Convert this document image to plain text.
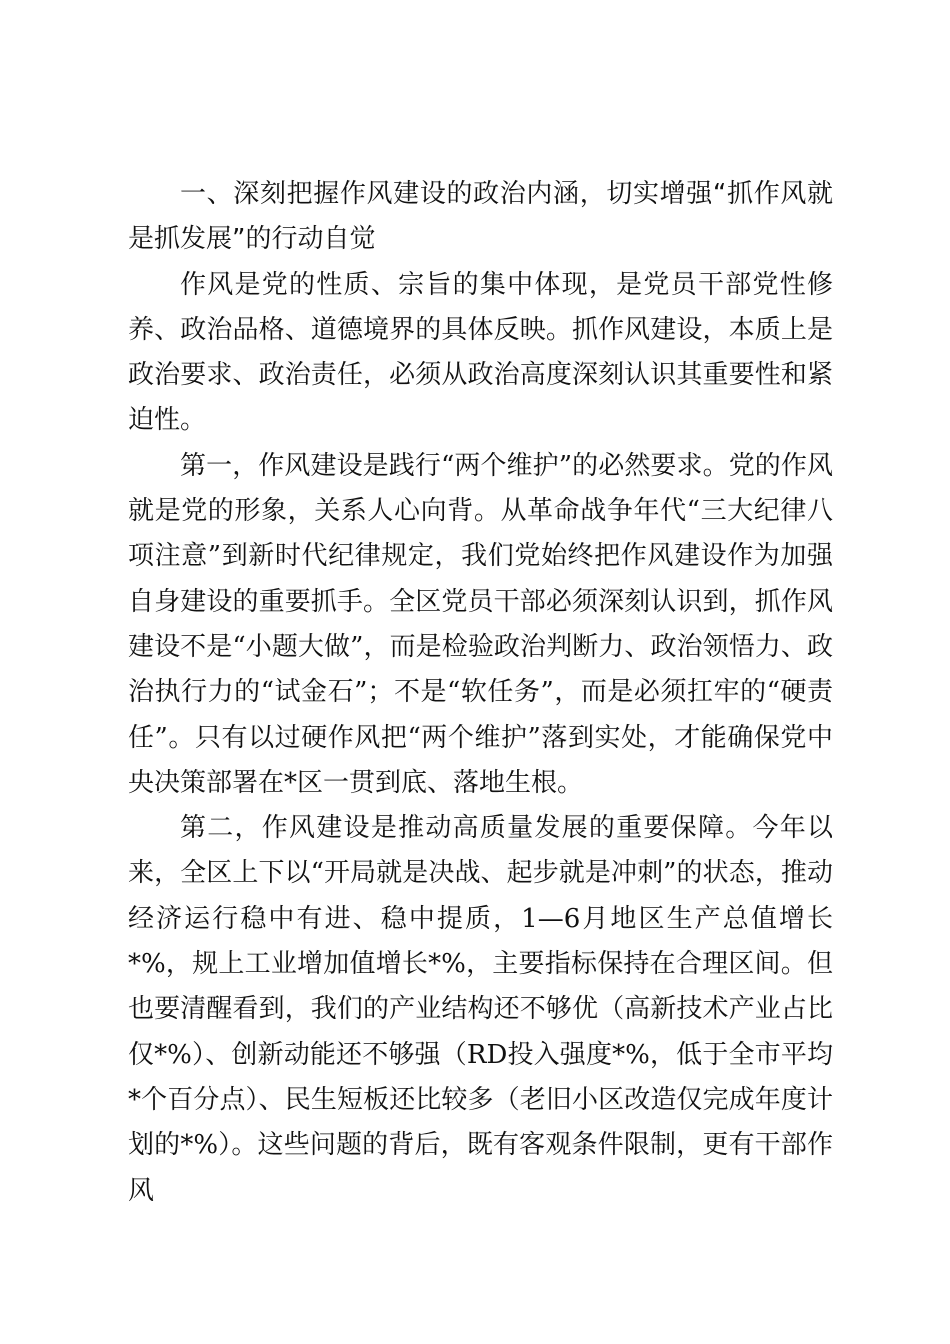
一、深刻把握作风建设的政治内涵，切实增强“抓作风就是抓发展”的行动自觉

作风是党的性质、宗旨的集中体现，是党员干部党性修养、政治品格、道德境界的具体反映。抓作风建设，本质上是政治要求、政治责任，必须从政治高度深刻认识其重要性和紧迫性。

第一，作风建设是践行“两个维护”的必然要求。党的作风就是党的形象，关系人心向背。从革命战争年代“三大纪律八项注意”到新时代纪律规定，我们党始终把作风建设作为加强自身建设的重要抓手。全区党员干部必须深刻认识到，抓作风建设不是“小题大做”，而是检验政治判断力、政治领悟力、政治执行力的“试金石”；不是“软任务”，而是必须扛牢的“硬责任”。只有以过硬作风把“两个维护”落到实处，才能确保党中央决策部署在*区一贯到底、落地生根。

第二，作风建设是推动高质量发展的重要保障。今年以来，全区上下以“开局就是决战、起步就是冲刺”的状态，推动经济运行稳中有进、稳中提质，1—6月地区生产总值增长*%，规上工业增加值增长*%，主要指标保持在合理区间。但也要清醒看到，我们的产业结构还不够优（高新技术产业占比仅*%）、创新动能还不够强（RD投入强度*%，低于全市平均*个百分点）、民生短板还比较多（老旧小区改造仅完成年度计划的*%）。这些问题的背后，既有客观条件限制，更有干部作风
